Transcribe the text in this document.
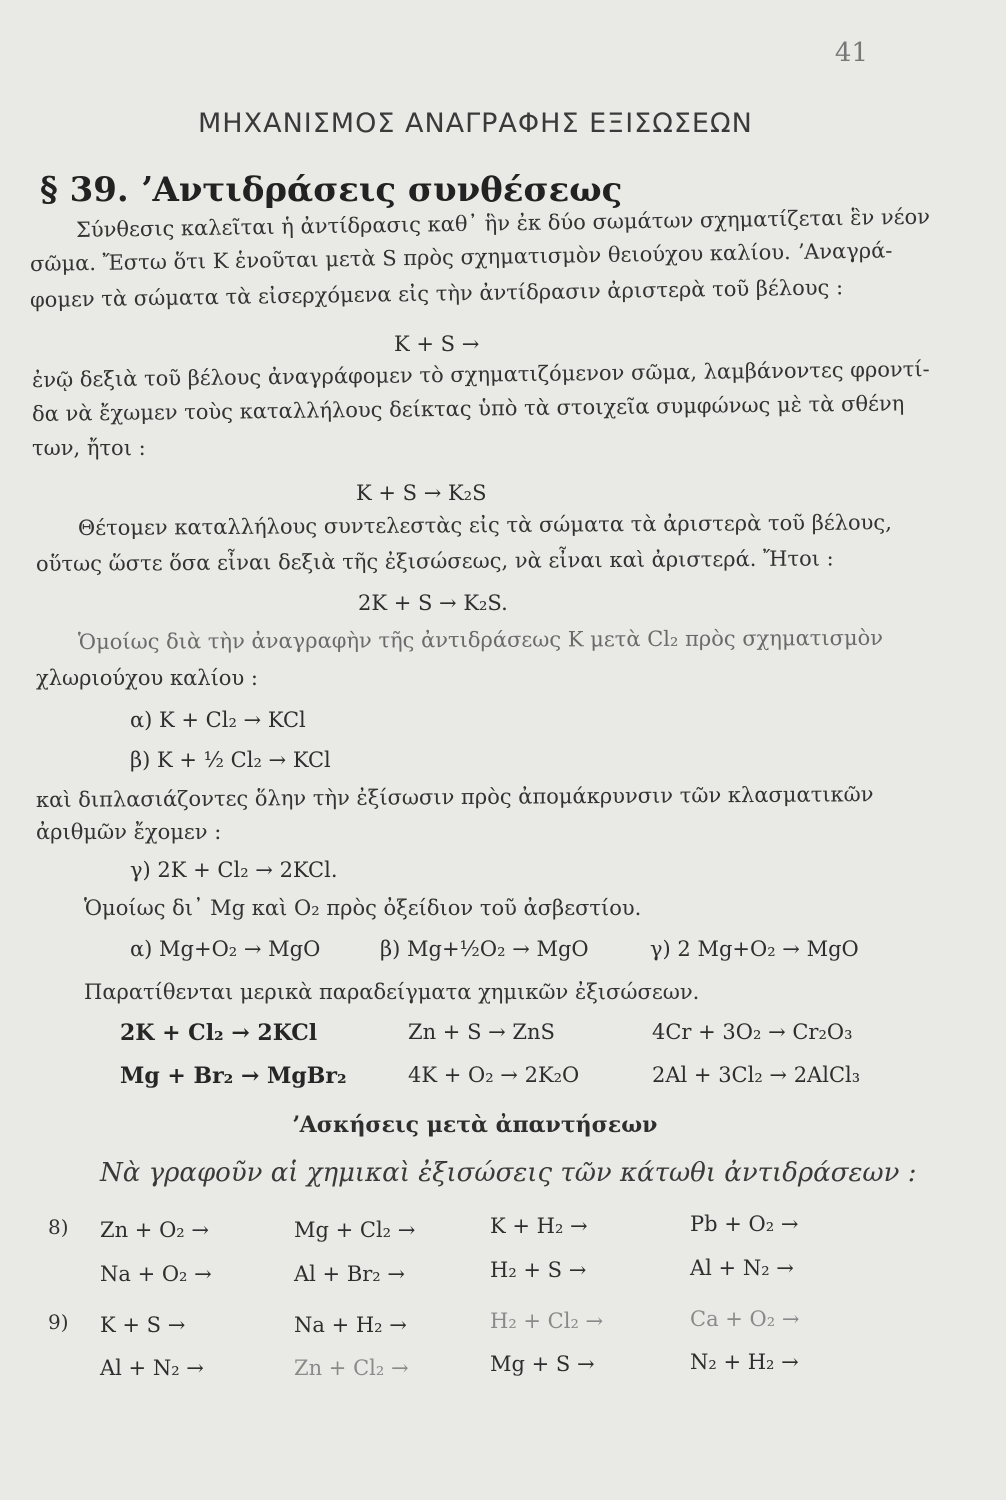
41
ΜΗΧΑΝΙΣΜΟΣ ΑΝΑΓΡΑΦΗΣ ΕΞΙΣΩΣΕΩΝ
§ 39. ʼΑντιδράσεις συνθέσεως
Σύνθεσις καλεῖται ἡ ἀντίδρασις καθ᾽ ἣν ἐκ δύο σωμάτων σχηματίζεται ἓν νέον
σῶμα. Ἔστω ὅτι Κ ἑνοῦται μετὰ S πρὸς σχηματισμὸν θειούχου καλίου. ʼΑναγρά-
φομεν τὰ σώματα τὰ εἰσερχόμενα εἰς τὴν ἀντίδρασιν ἀριστερὰ τοῦ βέλους :
K + S →
ἐνῷ δεξιὰ τοῦ βέλους ἀναγράφομεν τὸ σχηματιζόμενον σῶμα, λαμβάνοντες φροντί-
δα νὰ ἔχωμεν τοὺς καταλλήλους δείκτας ὑπὸ τὰ στοιχεῖα συμφώνως μὲ τὰ σθένη
των, ἤτοι :
K + S → K₂S
Θέτομεν καταλλήλους συντελεστὰς εἰς τὰ σώματα τὰ ἀριστερὰ τοῦ βέλους,
οὕτως ὥστε ὅσα εἶναι δεξιὰ τῆς ἐξισώσεως, νὰ εἶναι καὶ ἀριστερά. Ἤτοι :
2K + S → K₂S.
Ὁμοίως διὰ τὴν ἀναγραφὴν τῆς ἀντιδράσεως Κ μετὰ Cl₂ πρὸς σχηματισμὸν
χλωριούχου καλίου :
α) K + Cl₂ → KCl
β) K + ½ Cl₂ → KCl
καὶ διπλασιάζοντες ὅλην τὴν ἐξίσωσιν πρὸς ἀπομάκρυνσιν τῶν κλασματικῶν
ἀριθμῶν ἔχομεν :
γ) 2K + Cl₂ → 2KCl.
Ὁμοίως δι᾽ Mg καὶ O₂ πρὸς ὀξείδιον τοῦ ἀσβεστίου.
α) Mg+O₂ → MgO	β) Mg+½O₂ → MgO	γ) 2 Mg+O₂ → MgO
Παρατίθενται μερικὰ παραδείγματα χημικῶν ἐξισώσεων.
2K + Cl₂ → 2KCl	Zn + S → ZnS	4Cr + 3O₂ → Cr₂O₃
Mg + Br₂ → MgBr₂	4K + O₂ → 2K₂O	2Al + 3Cl₂ → 2AlCl₃
ʼΑσκήσεις μετὰ ἀπαντήσεων
Νὰ γραφοῦν αἱ χημικαὶ ἐξισώσεις τῶν κάτωθι ἀντιδράσεων :
8) Zn + O₂ →	Mg + Cl₂ →	K + H₂ →	Pb + O₂ →
Na + O₂ →	Al + Br₂ →	H₂ + S →	Al + N₂ →
9) K + S →	Na + H₂ →	H₂ + Cl₂ →	Ca + O₂ →
Al + N₂ →	Zn + Cl₂ →	Mg + S →	N₂ + H₂ →
